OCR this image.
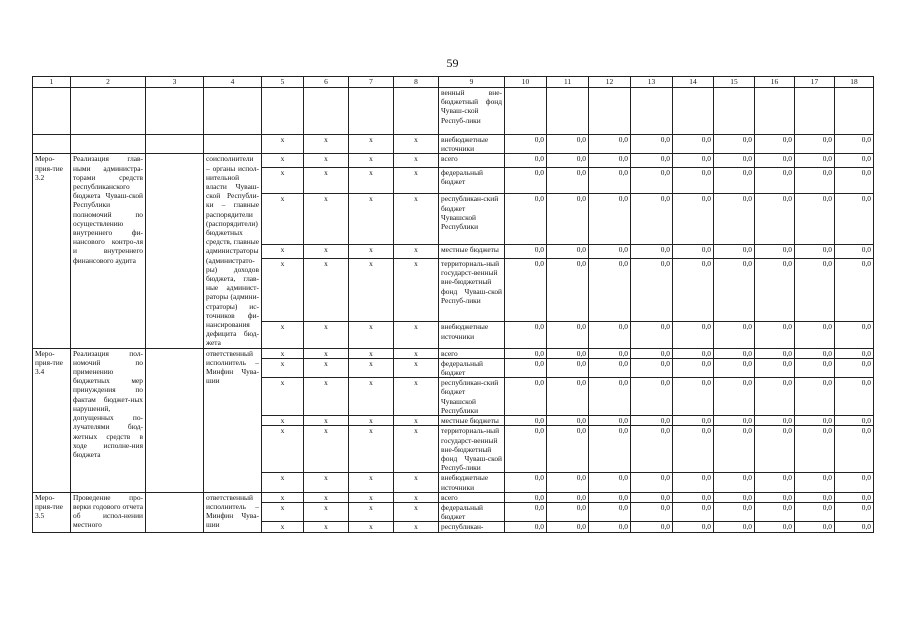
59
1	2	3	4	5	6	7	8	9	10	11	12	13	14	15	16	17	18
								венный вне-бюджетный фонд Чуваш-ской Респуб-лики									
				x	x	x	x	внебюджетные источники	0,0	0,0	0,0	0,0	0,0	0,0	0,0	0,0	0,0
Меро-прия-тие 3.2	Реализация глав-ными администра-торами средств республиканского бюджета Чуваш-ской Республики полномочий по осуществлению внутреннего фи-нансового контро-ля и внутреннего финансового аудита		соисполнители – органы испол-нительной власти Чуваш-ской Республи-ки – главные распорядители (распорядители) бюджетных средств, главные администраторы (администрато-ры) доходов бюджета, глав-ные админист-раторы (админи-страторы) ис-точников фи-нансирования дефицита бюд-жета	x	x	x	x	всего	0,0	0,0	0,0	0,0	0,0	0,0	0,0	0,0	0,0
				x	x	x	x	федеральный бюджет	0,0	0,0	0,0	0,0	0,0	0,0	0,0	0,0	0,0
				x	x	x	x	республикан-ский бюджет Чувашской Республики	0,0	0,0	0,0	0,0	0,0	0,0	0,0	0,0	0,0
				x	x	x	x	местные бюджеты	0,0	0,0	0,0	0,0	0,0	0,0	0,0	0,0	0,0
				x	x	x	x	территориаль-ный государст-венный вне-бюджетный фонд Чуваш-ской Респуб-лики	0,0	0,0	0,0	0,0	0,0	0,0	0,0	0,0	0,0
				x	x	x	x	внебюджетные источники	0,0	0,0	0,0	0,0	0,0	0,0	0,0	0,0	0,0
Меро-прия-тие 3.4	Реализация пол-номочий по применению бюджетных мер принуждения по фактам бюджет-ных нарушений, допущенных по-лучателями бюд-жетных средств в ходе исполне-ния бюджета		ответственный исполнитель – Минфин Чува-шии	x	x	x	x	всего	0,0	0,0	0,0	0,0	0,0	0,0	0,0	0,0	0,0
				x	x	x	x	федеральный бюджет	0,0	0,0	0,0	0,0	0,0	0,0	0,0	0,0	0,0
				x	x	x	x	республикан-ский бюджет Чувашской Республики	0,0	0,0	0,0	0,0	0,0	0,0	0,0	0,0	0,0
				x	x	x	x	местные бюджеты	0,0	0,0	0,0	0,0	0,0	0,0	0,0	0,0	0,0
				x	x	x	x	территориаль-ный государст-венный вне-бюджетный фонд Чуваш-ской Респуб-лики	0,0	0,0	0,0	0,0	0,0	0,0	0,0	0,0	0,0
				x	x	x	x	внебюджетные источники	0,0	0,0	0,0	0,0	0,0	0,0	0,0	0,0	0,0
Меро-прия-тие 3.5	Проведение про-верки годового отчета об испол-нении местного		ответственный исполнитель – Минфин Чува-шии	x	x	x	x	всего	0,0	0,0	0,0	0,0	0,0	0,0	0,0	0,0	0,0
				x	x	x	x	федеральный бюджет	0,0	0,0	0,0	0,0	0,0	0,0	0,0	0,0	0,0
				x	x	x	x	республикан-	0,0	0,0	0,0	0,0	0,0	0,0	0,0	0,0	0,0
